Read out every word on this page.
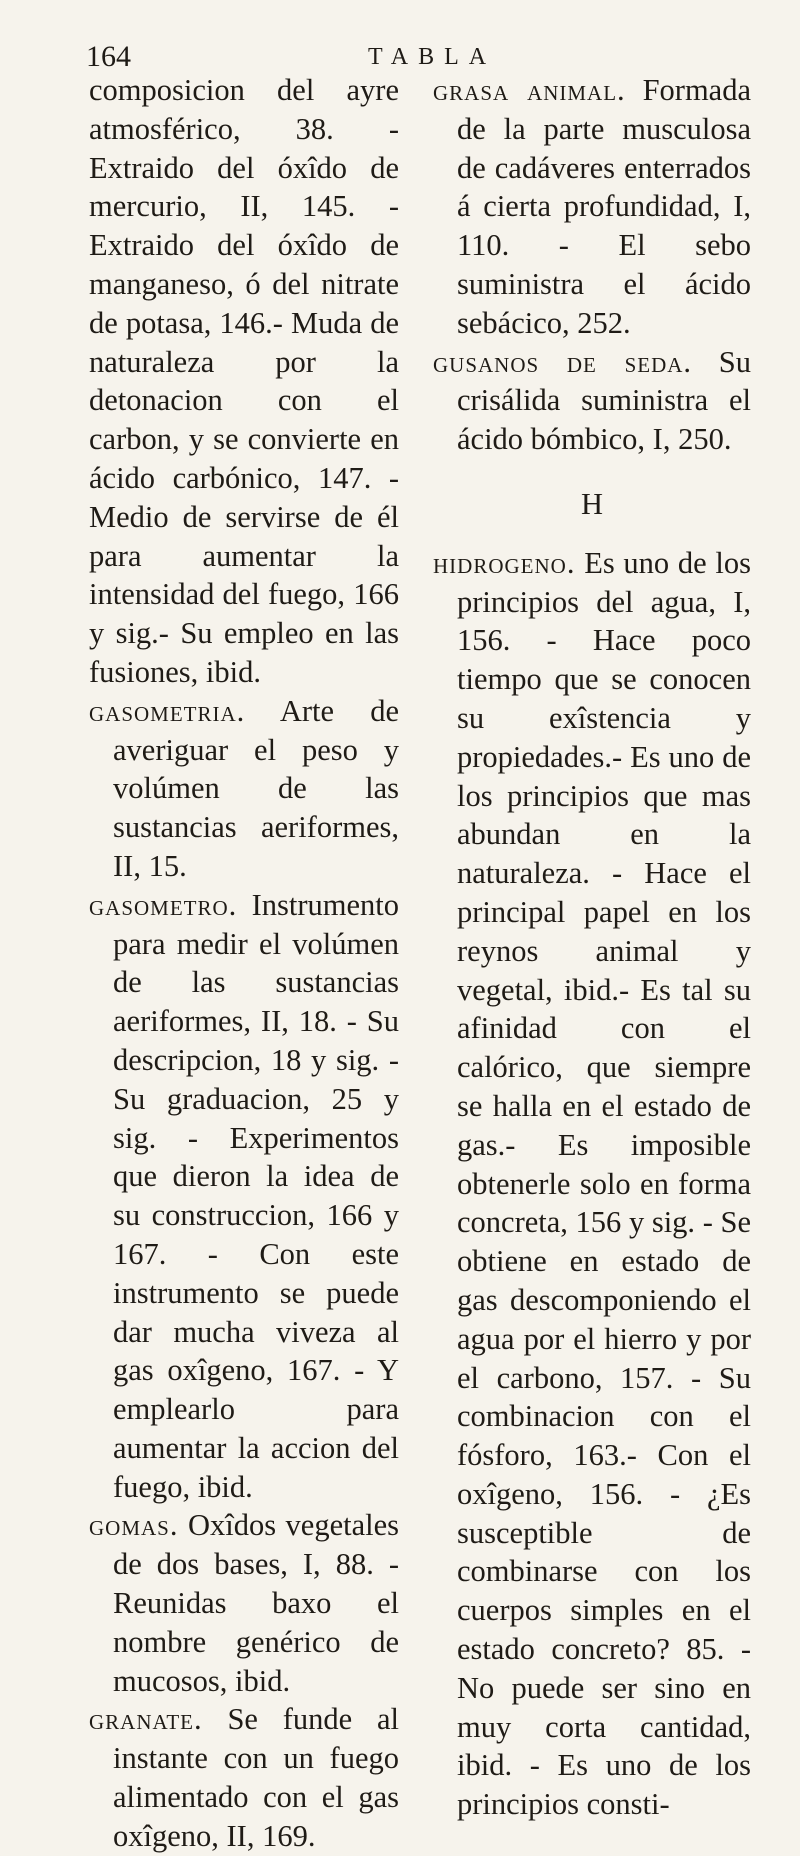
164	TABLA

composicion del ayre atmosférico, 38. - Extraido del óxîdo de mercurio, II, 145. - Extraido del óxîdo de manganeso, ó del nitrate de potasa, 146.- Muda de naturaleza por la detonacion con el carbon, y se convierte en ácido carbónico, 147. - Medio de servirse de él para aumentar la intensidad del fuego, 166 y sig.- Su empleo en las fusiones, ibid.

gasometria. Arte de averiguar el peso y volúmen de las sustancias aeriformes, II, 15.

gasometro. Instrumento para medir el volúmen de las sustancias aeriformes, II, 18. - Su descripcion, 18 y sig. - Su graduacion, 25 y sig. - Experimentos que dieron la idea de su construccion, 166 y 167. - Con este instrumento se puede dar mucha viveza al gas oxîgeno, 167. - Y emplearlo para aumentar la accion del fuego, ibid.

gomas. Oxîdos vegetales de dos bases, I, 88. - Reunidas baxo el nombre genérico de mucosos, ibid.

granate. Se funde al instante con un fuego alimentado con el gas oxîgeno, II, 169.

grasa animal. Formada de la parte musculosa de cadáveres enterrados á cierta profundidad, I, 110. - El sebo suministra el ácido sebácico, 252.

gusanos de seda. Su crisálida suministra el ácido bómbico, I, 250.

H

hidrogeno. Es uno de los principios del agua, I, 156. - Hace poco tiempo que se conocen su exîstencia y propiedades.- Es uno de los principios que mas abundan en la naturaleza. - Hace el principal papel en los reynos animal y vegetal, ibid.- Es tal su afinidad con el calórico, que siempre se halla en el estado de gas.- Es imposible obtenerle solo en forma concreta, 156 y sig. - Se obtiene en estado de gas descomponiendo el agua por el hierro y por el carbono, 157. - Su combinacion con el fósforo, 163.- Con el oxîgeno, 156. - ¿Es susceptible de combinarse con los cuerpos simples en el estado concreto? 85. - No puede ser sino en muy corta cantidad, ibid. - Es uno de los principios consti-
